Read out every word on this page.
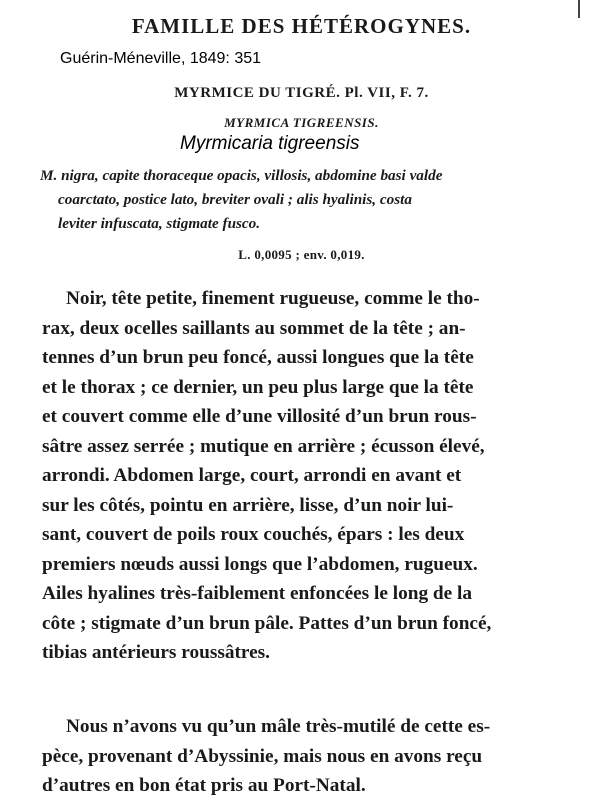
FAMILLE DES HÉTÉROGYNES.
Guérin-Méneville, 1849: 351
MYRMICE DU TIGRÉ. Pl. VII, F. 7.
MYRMICA TIGREENSIS.
Myrmicaria tigreensis
M. nigra, capite thoraceque opacis, villosis, abdomine basi valde
coarctato, postice lato, breviter ovali ; alis hyalinis, costa
leviter infuscata, stigmate fusco.
L. 0,0095 ; env. 0,019.
Noir, tête petite, finement rugueuse, comme le tho-
rax, deux ocelles saillants au sommet de la tête ; an-
tennes d’un brun peu foncé, aussi longues que la tête
et le thorax ; ce dernier, un peu plus large que la tête
et couvert comme elle d’une villosité d’un brun rous-
sâtre assez serrée ; mutique en arrière ; écusson élevé,
arrondi. Abdomen large, court, arrondi en avant et
sur les côtés, pointu en arrière, lisse, d’un noir lui-
sant, couvert de poils roux couchés, épars : les deux
premiers nœuds aussi longs que l’abdomen, rugueux.
Ailes hyalines très-faiblement enfoncées le long de la
côte ; stigmate d’un brun pâle. Pattes d’un brun foncé,
tibias antérieurs roussâtres.
Nous n’avons vu qu’un mâle très-mutilé de cette es-
pèce, provenant d’Abyssinie, mais nous en avons reçu
d’autres en bon état pris au Port-Natal.
